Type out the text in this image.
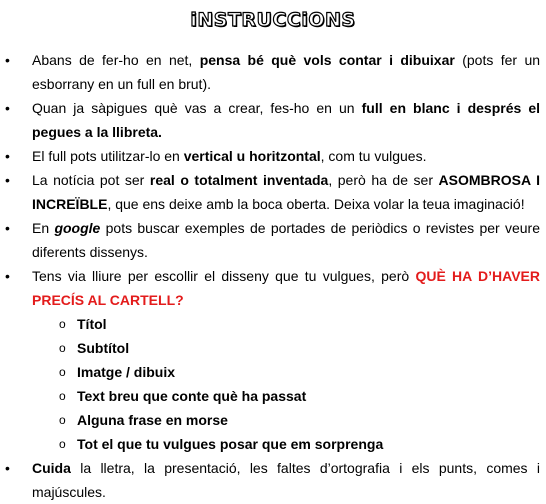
iNSTRUCCiONS
• Abans de fer-ho en net, pensa bé què vols contar i dibuixar (pots fer un esborrany en un full en brut).
• Quan ja sàpigues què vas a crear, fes-ho en un full en blanc i després el pegues a la llibreta.
• El full pots utilitzar-lo en vertical u horitzontal, com tu vulgues.
• La notícia pot ser real o totalment inventada, però ha de ser ASOMBROSA I INCREÏBLE, que ens deixe amb la boca oberta. Deixa volar la teua imaginació!
• En google pots buscar exemples de portades de periòdics o revistes per veure diferents dissenys.
• Tens via lliure per escollir el disseny que tu vulgues, però QUÈ HA D’HAVER PRECÍS AL CARTELL?
o Títol
o Subtítol
o Imatge / dibuix
o Text breu que conte què ha passat
o Alguna frase en morse
o Tot el que tu vulgues posar que em sorprenga
• Cuida la lletra, la presentació, les faltes d’ortografia i els punts, comes i majúscules.
